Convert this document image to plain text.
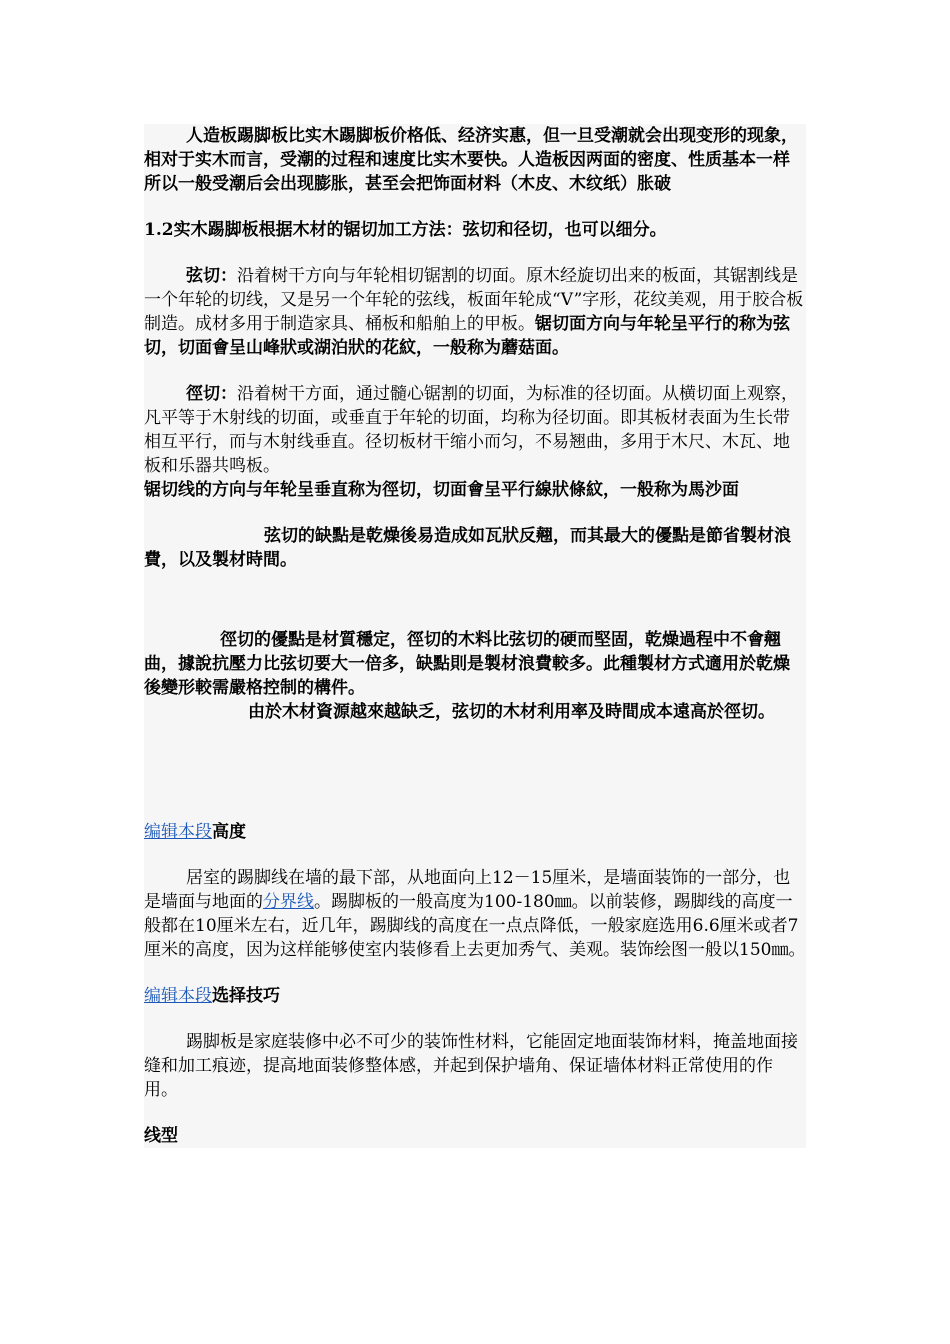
人造板踢脚板比实木踢脚板价格低、经济实惠，但一旦受潮就会出现变形的现象，相对于实木而言，受潮的过程和速度比实木要快。人造板因两面的密度、性质基本一样所以一般受潮后会出现膨胀，甚至会把饰面材料（木皮、木纹纸）胀破

1.2实木踢脚板根据木材的锯切加工方法：弦切和径切，也可以细分。

弦切：沿着树干方向与年轮相切锯割的切面。原木经旋切出来的板面，其锯割线是一个年轮的切线，又是另一个年轮的弦线，板面年轮成“V”字形，花纹美观，用于胶合板制造。成材多用于制造家具、桶板和船舶上的甲板。锯切面方向与年轮呈平行的称为弦切，切面會呈山峰狀或湖泊狀的花紋，一般称为蘑菇面。

徑切：沿着树干方面，通过髓心锯割的切面，为标准的径切面。从横切面上观察，凡平等于木射线的切面，或垂直于年轮的切面，均称为径切面。即其板材表面为生长带相互平行，而与木射线垂直。径切板材干缩小而匀，不易翘曲，多用于木尺、木瓦、地板和乐器共鸣板。

锯切线的方向与年轮呈垂直称为徑切，切面會呈平行線狀條紋，一般称为馬沙面

弦切的缺點是乾燥後易造成如瓦狀反翹，而其最大的優點是節省製材浪費，以及製材時間。

徑切的優點是材質穩定，徑切的木料比弦切的硬而堅固，乾燥過程中不會翹曲，據說抗壓力比弦切要大一倍多，缺點則是製材浪費較多。此種製材方式適用於乾燥後變形較需嚴格控制的構件。

由於木材資源越來越缺乏，弦切的木材利用率及時間成本遠高於徑切。

编辑本段高度

居室的踢脚线在墙的最下部，从地面向上12－15厘米，是墙面装饰的一部分，也是墙面与地面的分界线。踢脚板的一般高度为100-180㎜。以前装修，踢脚线的高度一般都在10厘米左右，近几年，踢脚线的高度在一点点降低，一般家庭选用6.6厘米或者7厘米的高度，因为这样能够使室内装修看上去更加秀气、美观。装饰绘图一般以150㎜。

编辑本段选择技巧

踢脚板是家庭装修中必不可少的装饰性材料，它能固定地面装饰材料，掩盖地面接缝和加工痕迹，提高地面装修整体感，并起到保护墙角、保证墙体材料正常使用的作用。

线型
